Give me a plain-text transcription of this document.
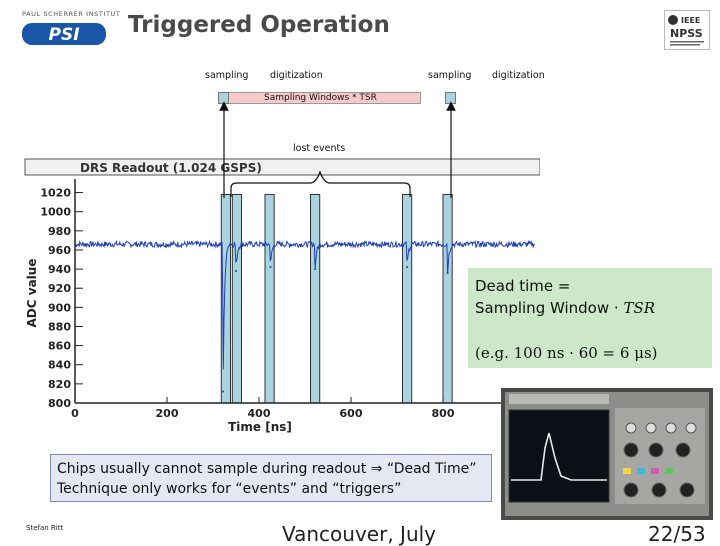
PAUL SCHERRER INSTITUT
PSI Triggered Operation	IEEE
NPSS
sampling digitization	sampling digitization
Sampling Windows * TSR
lost events
DRS Readout (1.024 GSPS)
0	200	400	600	800
800
820
840
860
880
900
920
940
960
980
1000
1020
Time [ns]
ADC value	Dead time =
Sampling Window · TSR
(e.g. 100 ns · 60 = 6 μs)
Chips usually cannot sample during readout ⇒ “Dead Time”
Technique only works for “events” and “triggers”
Stefan Ritt	Vancouver, July	22/53
